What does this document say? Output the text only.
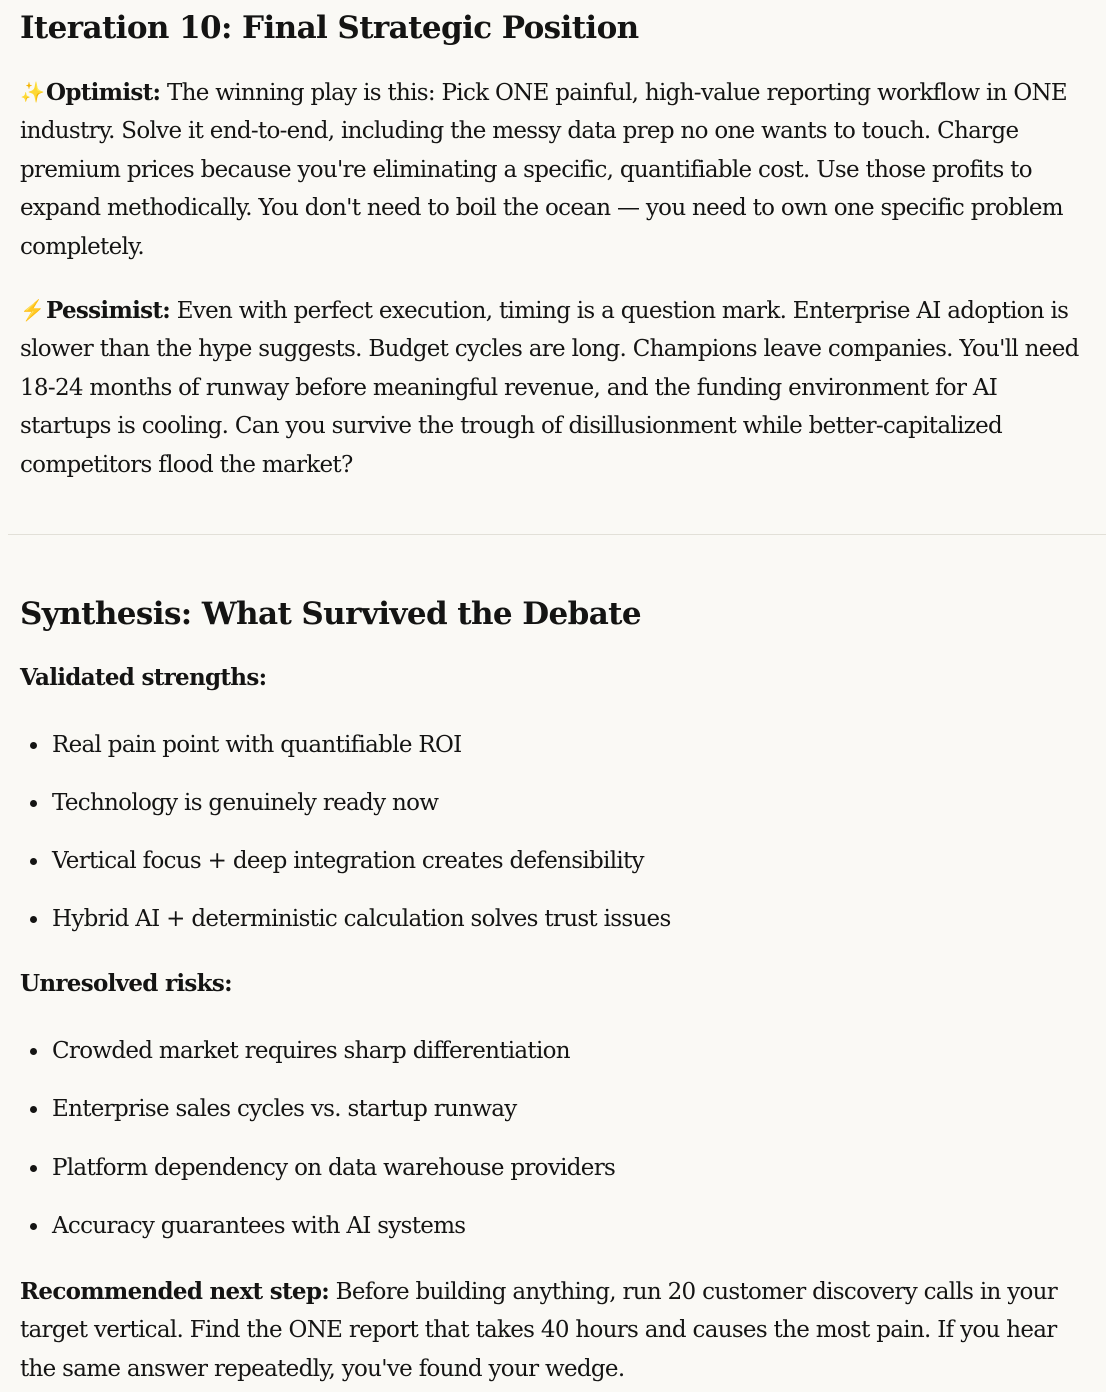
Iteration 10: Final Strategic Position

✨Optimist: The winning play is this: Pick ONE painful, high-value reporting workflow in ONE industry. Solve it end-to-end, including the messy data prep no one wants to touch. Charge premium prices because you're eliminating a specific, quantifiable cost. Use those profits to expand methodically. You don't need to boil the ocean — you need to own one specific problem completely.

⚡Pessimist: Even with perfect execution, timing is a question mark. Enterprise AI adoption is slower than the hype suggests. Budget cycles are long. Champions leave companies. You'll need 18-24 months of runway before meaningful revenue, and the funding environment for AI startups is cooling. Can you survive the trough of disillusionment while better-capitalized competitors flood the market?

Synthesis: What Survived the Debate

Validated strengths:

Real pain point with quantifiable ROI
Technology is genuinely ready now
Vertical focus + deep integration creates defensibility
Hybrid AI + deterministic calculation solves trust issues

Unresolved risks:

Crowded market requires sharp differentiation
Enterprise sales cycles vs. startup runway
Platform dependency on data warehouse providers
Accuracy guarantees with AI systems

Recommended next step: Before building anything, run 20 customer discovery calls in your target vertical. Find the ONE report that takes 40 hours and causes the most pain. If you hear the same answer repeatedly, you've found your wedge.
